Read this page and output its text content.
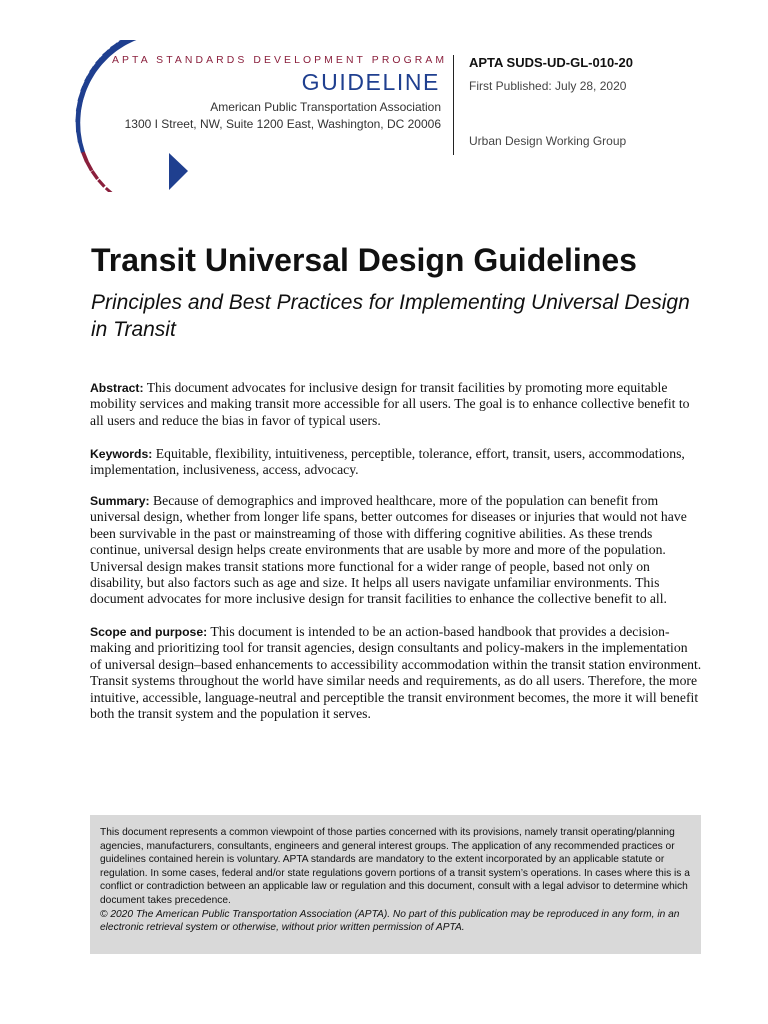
APTA STANDARDS DEVELOPMENT PROGRAM
GUIDELINE
American Public Transportation Association
1300 I Street, NW, Suite 1200 East, Washington, DC 20006
APTA SUDS-UD-GL-010-20
First Published: July 28, 2020
Urban Design Working Group
Transit Universal Design Guidelines
Principles and Best Practices for Implementing Universal Design in Transit

Abstract: This document advocates for inclusive design for transit facilities by promoting more equitable mobility services and making transit more accessible for all users. The goal is to enhance collective benefit to all users and reduce the bias in favor of typical users.

Keywords: Equitable, flexibility, intuitiveness, perceptible, tolerance, effort, transit, users, accommodations, implementation, inclusiveness, access, advocacy.

Summary: Because of demographics and improved healthcare, more of the population can benefit from universal design, whether from longer life spans, better outcomes for diseases or injuries that would not have been survivable in the past or mainstreaming of those with differing cognitive abilities. As these trends continue, universal design helps create environments that are usable by more and more of the population. Universal design makes transit stations more functional for a wider range of people, based not only on disability, but also factors such as age and size. It helps all users navigate unfamiliar environments. This document advocates for more inclusive design for transit facilities to enhance the collective benefit to all.

Scope and purpose: This document is intended to be an action-based handbook that provides a decision-making and prioritizing tool for transit agencies, design consultants and policy-makers in the implementation of universal design–based enhancements to accessibility accommodation within the transit station environment. Transit systems throughout the world have similar needs and requirements, as do all users. Therefore, the more intuitive, accessible, language-neutral and perceptible the transit environment becomes, the more it will benefit both the transit system and the population it serves.

This document represents a common viewpoint of those parties concerned with its provisions, namely transit operating/planning agencies, manufacturers, consultants, engineers and general interest groups. The application of any recommended practices or guidelines contained herein is voluntary. APTA standards are mandatory to the extent incorporated by an applicable statute or regulation. In some cases, federal and/or state regulations govern portions of a transit system’s operations. In cases where this is a conflict or contradiction between an applicable law or regulation and this document, consult with a legal advisor to determine which document takes precedence.

© 2020 The American Public Transportation Association (APTA). No part of this publication may be reproduced in any form, in an electronic retrieval system or otherwise, without prior written permission of APTA.
